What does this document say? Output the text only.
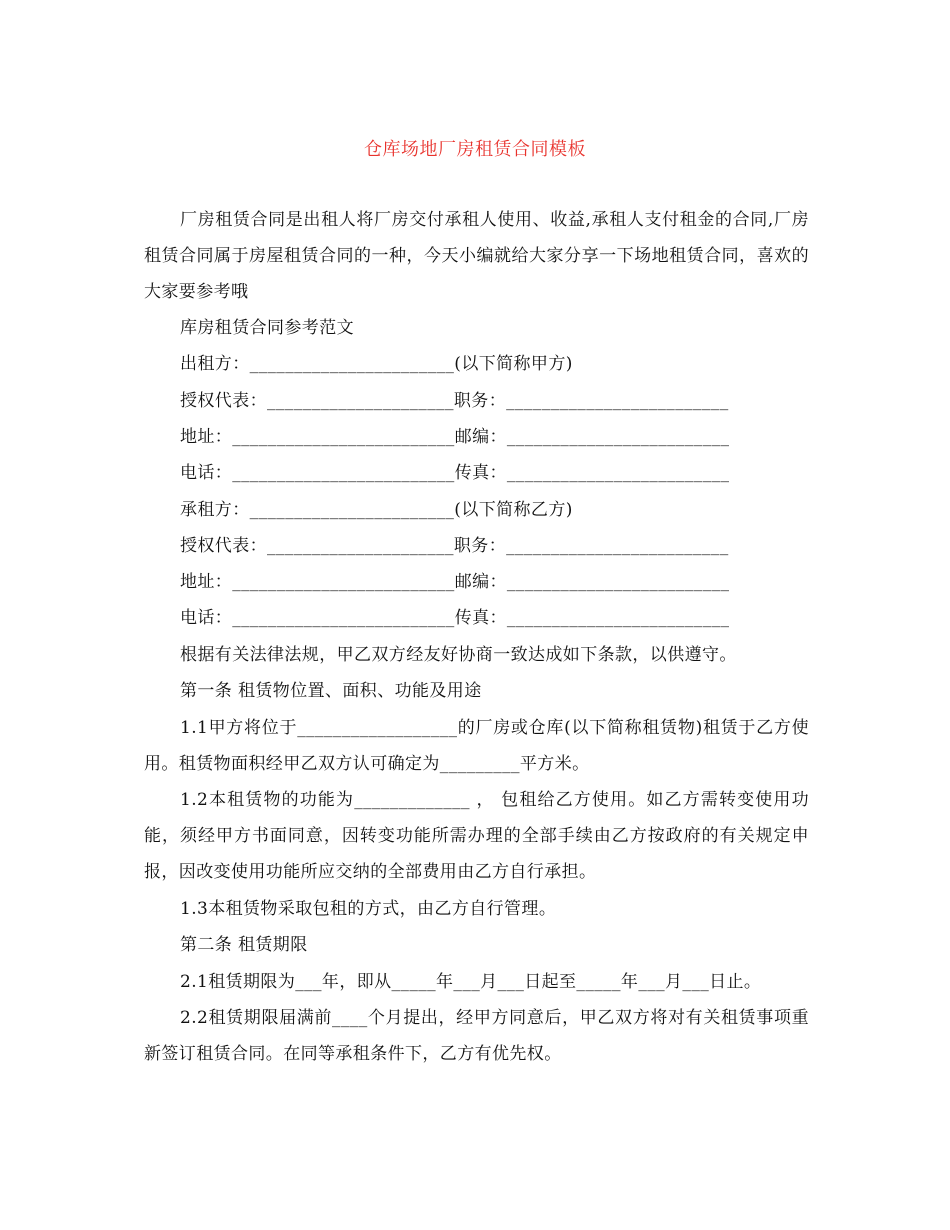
仓库场地厂房租赁合同模板

厂房租赁合同是出租人将厂房交付承租人使用、收益,承租人支付租金的合同,厂房租赁合同属于房屋租赁合同的一种，今天小编就给大家分享一下场地租赁合同，喜欢的大家要参考哦

库房租赁合同参考范文
出租方：_______________________(以下简称甲方)
授权代表：_____________________职务：_________________________
地址：_________________________邮编：_________________________
电话：_________________________传真：_________________________
承租方：_______________________(以下简称乙方)
授权代表：_____________________职务：_________________________
地址：_________________________邮编：_________________________
电话：_________________________传真：_________________________
根据有关法律法规，甲乙双方经友好协商一致达成如下条款，以供遵守。
第一条 租赁物位置、面积、功能及用途

1.1甲方将位于__________________的厂房或仓库(以下简称租赁物)租赁于乙方使用。租赁物面积经甲乙双方认可确定为_________平方米。

1.2本租赁物的功能为_____________ ， 包租给乙方使用。如乙方需转变使用功能，须经甲方书面同意，因转变功能所需办理的全部手续由乙方按政府的有关规定申报，因改变使用功能所应交纳的全部费用由乙方自行承担。

1.3本租赁物采取包租的方式，由乙方自行管理。
第二条 租赁期限
2.1租赁期限为___年，即从_____年___月___日起至_____年___月___日止。

2.2租赁期限届满前____个月提出，经甲方同意后，甲乙双方将对有关租赁事项重新签订租赁合同。在同等承租条件下，乙方有优先权。
